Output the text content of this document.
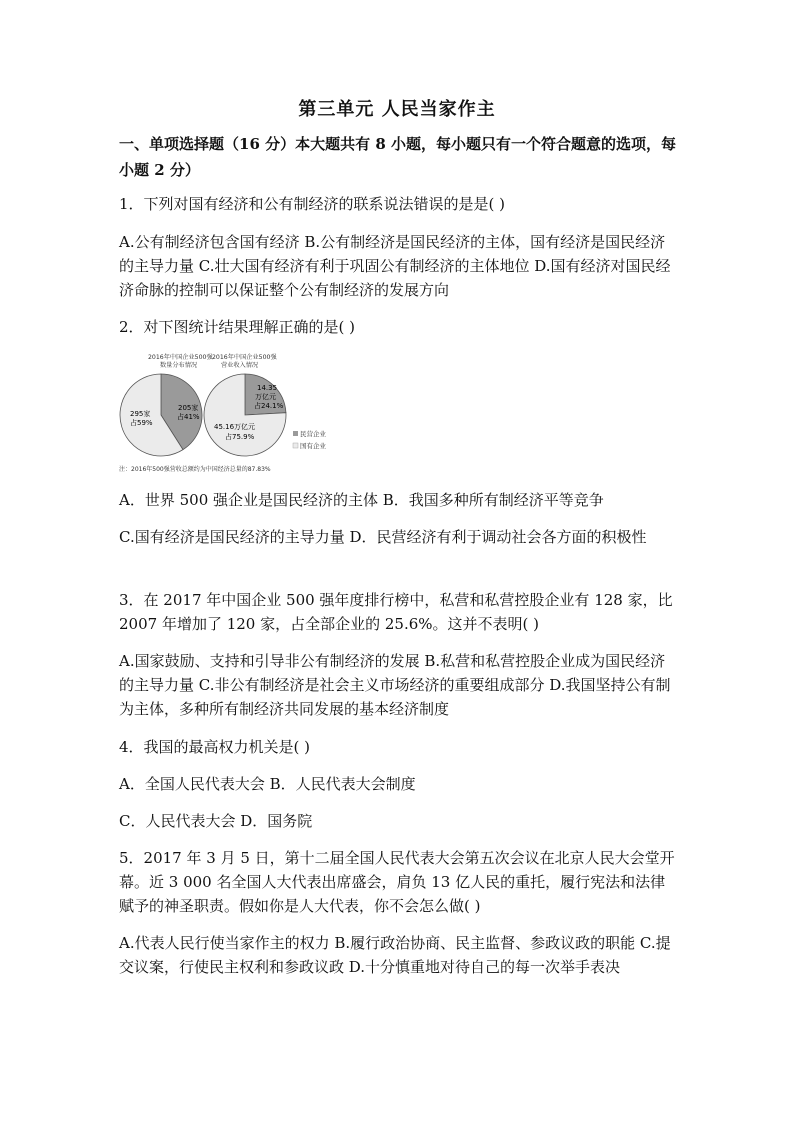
第三单元 人民当家作主
一、单项选择题（16 分）本大题共有 8 小题，每小题只有一个符合题意的选项，每小题 2 分）
1．下列对国有经济和公有制经济的联系说法错误的是是( )
A.公有制经济包含国有经济 B.公有制经济是国民经济的主体，国有经济是国民经济的主导力量 C.壮大国有经济有利于巩固公有制经济的主体地位 D.国有经济对国民经济命脉的控制可以保证整个公有制经济的发展方向
2．对下图统计结果理解正确的是( )
2016年中国企业500强
数量分布情况
2016年中国企业500强
营业收入情况
205家
占41%
295家
占59%
14.35
万亿元
占24.1%
45.16万亿元
占75.9%	民营企业
国有企业
注：2016年500强营收总额约为中国经济总量的87.83%
A．世界 500 强企业是国民经济的主体 B．我国多种所有制经济平等竞争
C.国有经济是国民经济的主导力量 D．民营经济有利于调动社会各方面的积极性
3．在 2017 年中国企业 500 强年度排行榜中，私营和私营控股企业有 128 家，比 2007 年增加了 120 家，占全部企业的 25.6%。这并不表明( )
A.国家鼓励、支持和引导非公有制经济的发展 B.私营和私营控股企业成为国民经济的主导力量 C.非公有制经济是社会主义市场经济的重要组成部分 D.我国坚持公有制为主体，多种所有制经济共同发展的基本经济制度
4．我国的最高权力机关是( )
A．全国人民代表大会 B．人民代表大会制度
C．人民代表大会 D．国务院
5．2017 年 3 月 5 日，第十二届全国人民代表大会第五次会议在北京人民大会堂开幕。近 3 000 名全国人大代表出席盛会，肩负 13 亿人民的重托，履行宪法和法律赋予的神圣职责。假如你是人大代表，你不会怎么做( )
A.代表人民行使当家作主的权力 B.履行政治协商、民主监督、参政议政的职能 C.提交议案，行使民主权利和参政议政 D.十分慎重地对待自己的每一次举手表决
